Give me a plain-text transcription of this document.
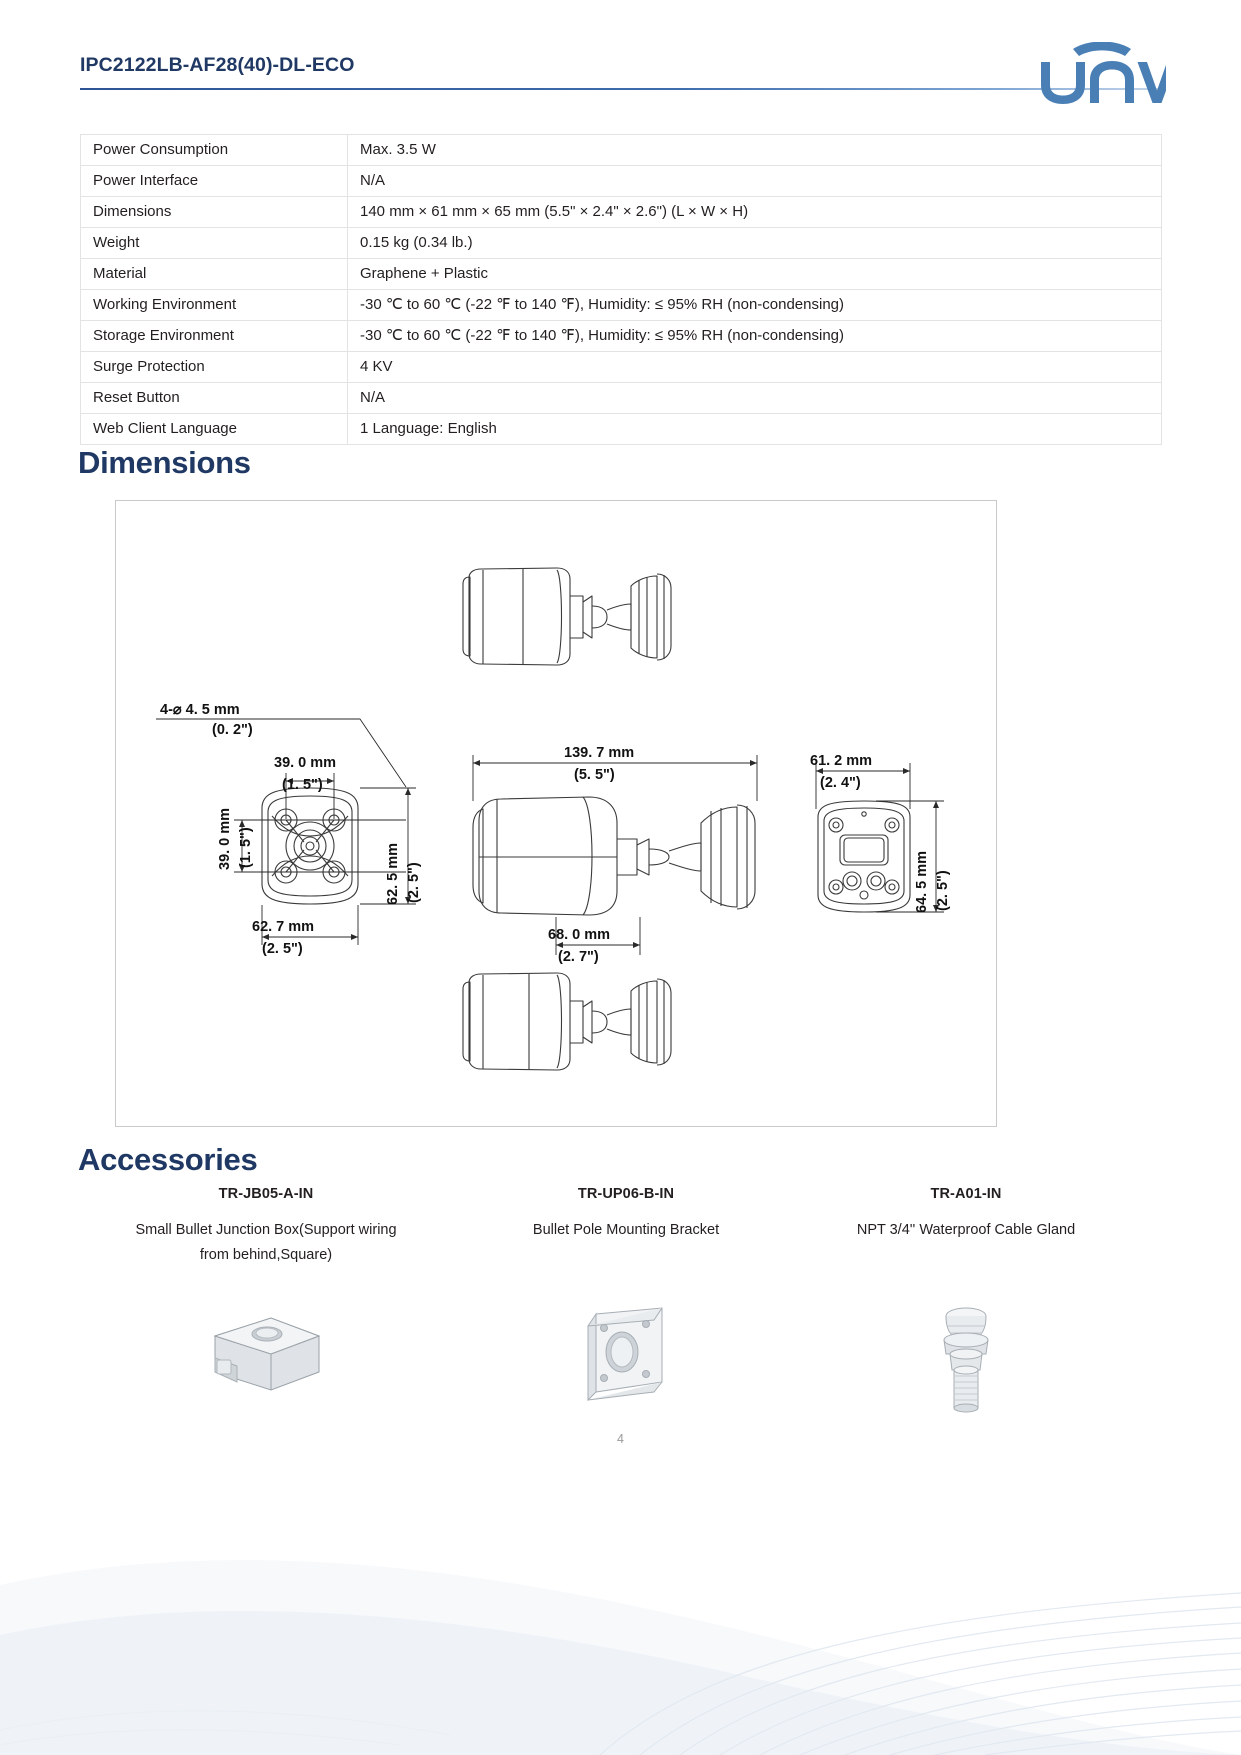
IPC2122LB-AF28(40)-DL-ECO
Power Consumption	Max. 3.5 W
Power Interface	N/A
Dimensions	140 mm × 61 mm × 65 mm (5.5" × 2.4" × 2.6") (L × W × H)
Weight	0.15 kg (0.34 lb.)
Material	Graphene + Plastic
Working Environment	-30 ℃ to 60 ℃ (-22 ℉ to 140 ℉), Humidity: ≤ 95% RH (non-condensing)
Storage Environment	-30 ℃ to 60 ℃ (-22 ℉ to 140 ℉), Humidity: ≤ 95% RH (non-condensing)
Surge Protection	4 KV
Reset Button	N/A
Web Client Language	1 Language: English
Dimensions
4-⌀ 4. 5 mm
(0. 2")
39. 0 mm
(1. 5")
39. 0 mm (1. 5")	62. 5 mm (2. 5")
62. 7 mm
(2. 5")
139. 7 mm
(5. 5")
68. 0 mm
(2. 7")
61. 2 mm
(2. 4")
64. 5 mm (2. 5")
Accessories
TR-JB05-A-IN
Small Bullet Junction Box(Support wiring
from behind,Square)
TR-UP06-B-IN
Bullet Pole Mounting Bracket
TR-A01-IN
NPT 3/4'' Waterproof Cable Gland
4
